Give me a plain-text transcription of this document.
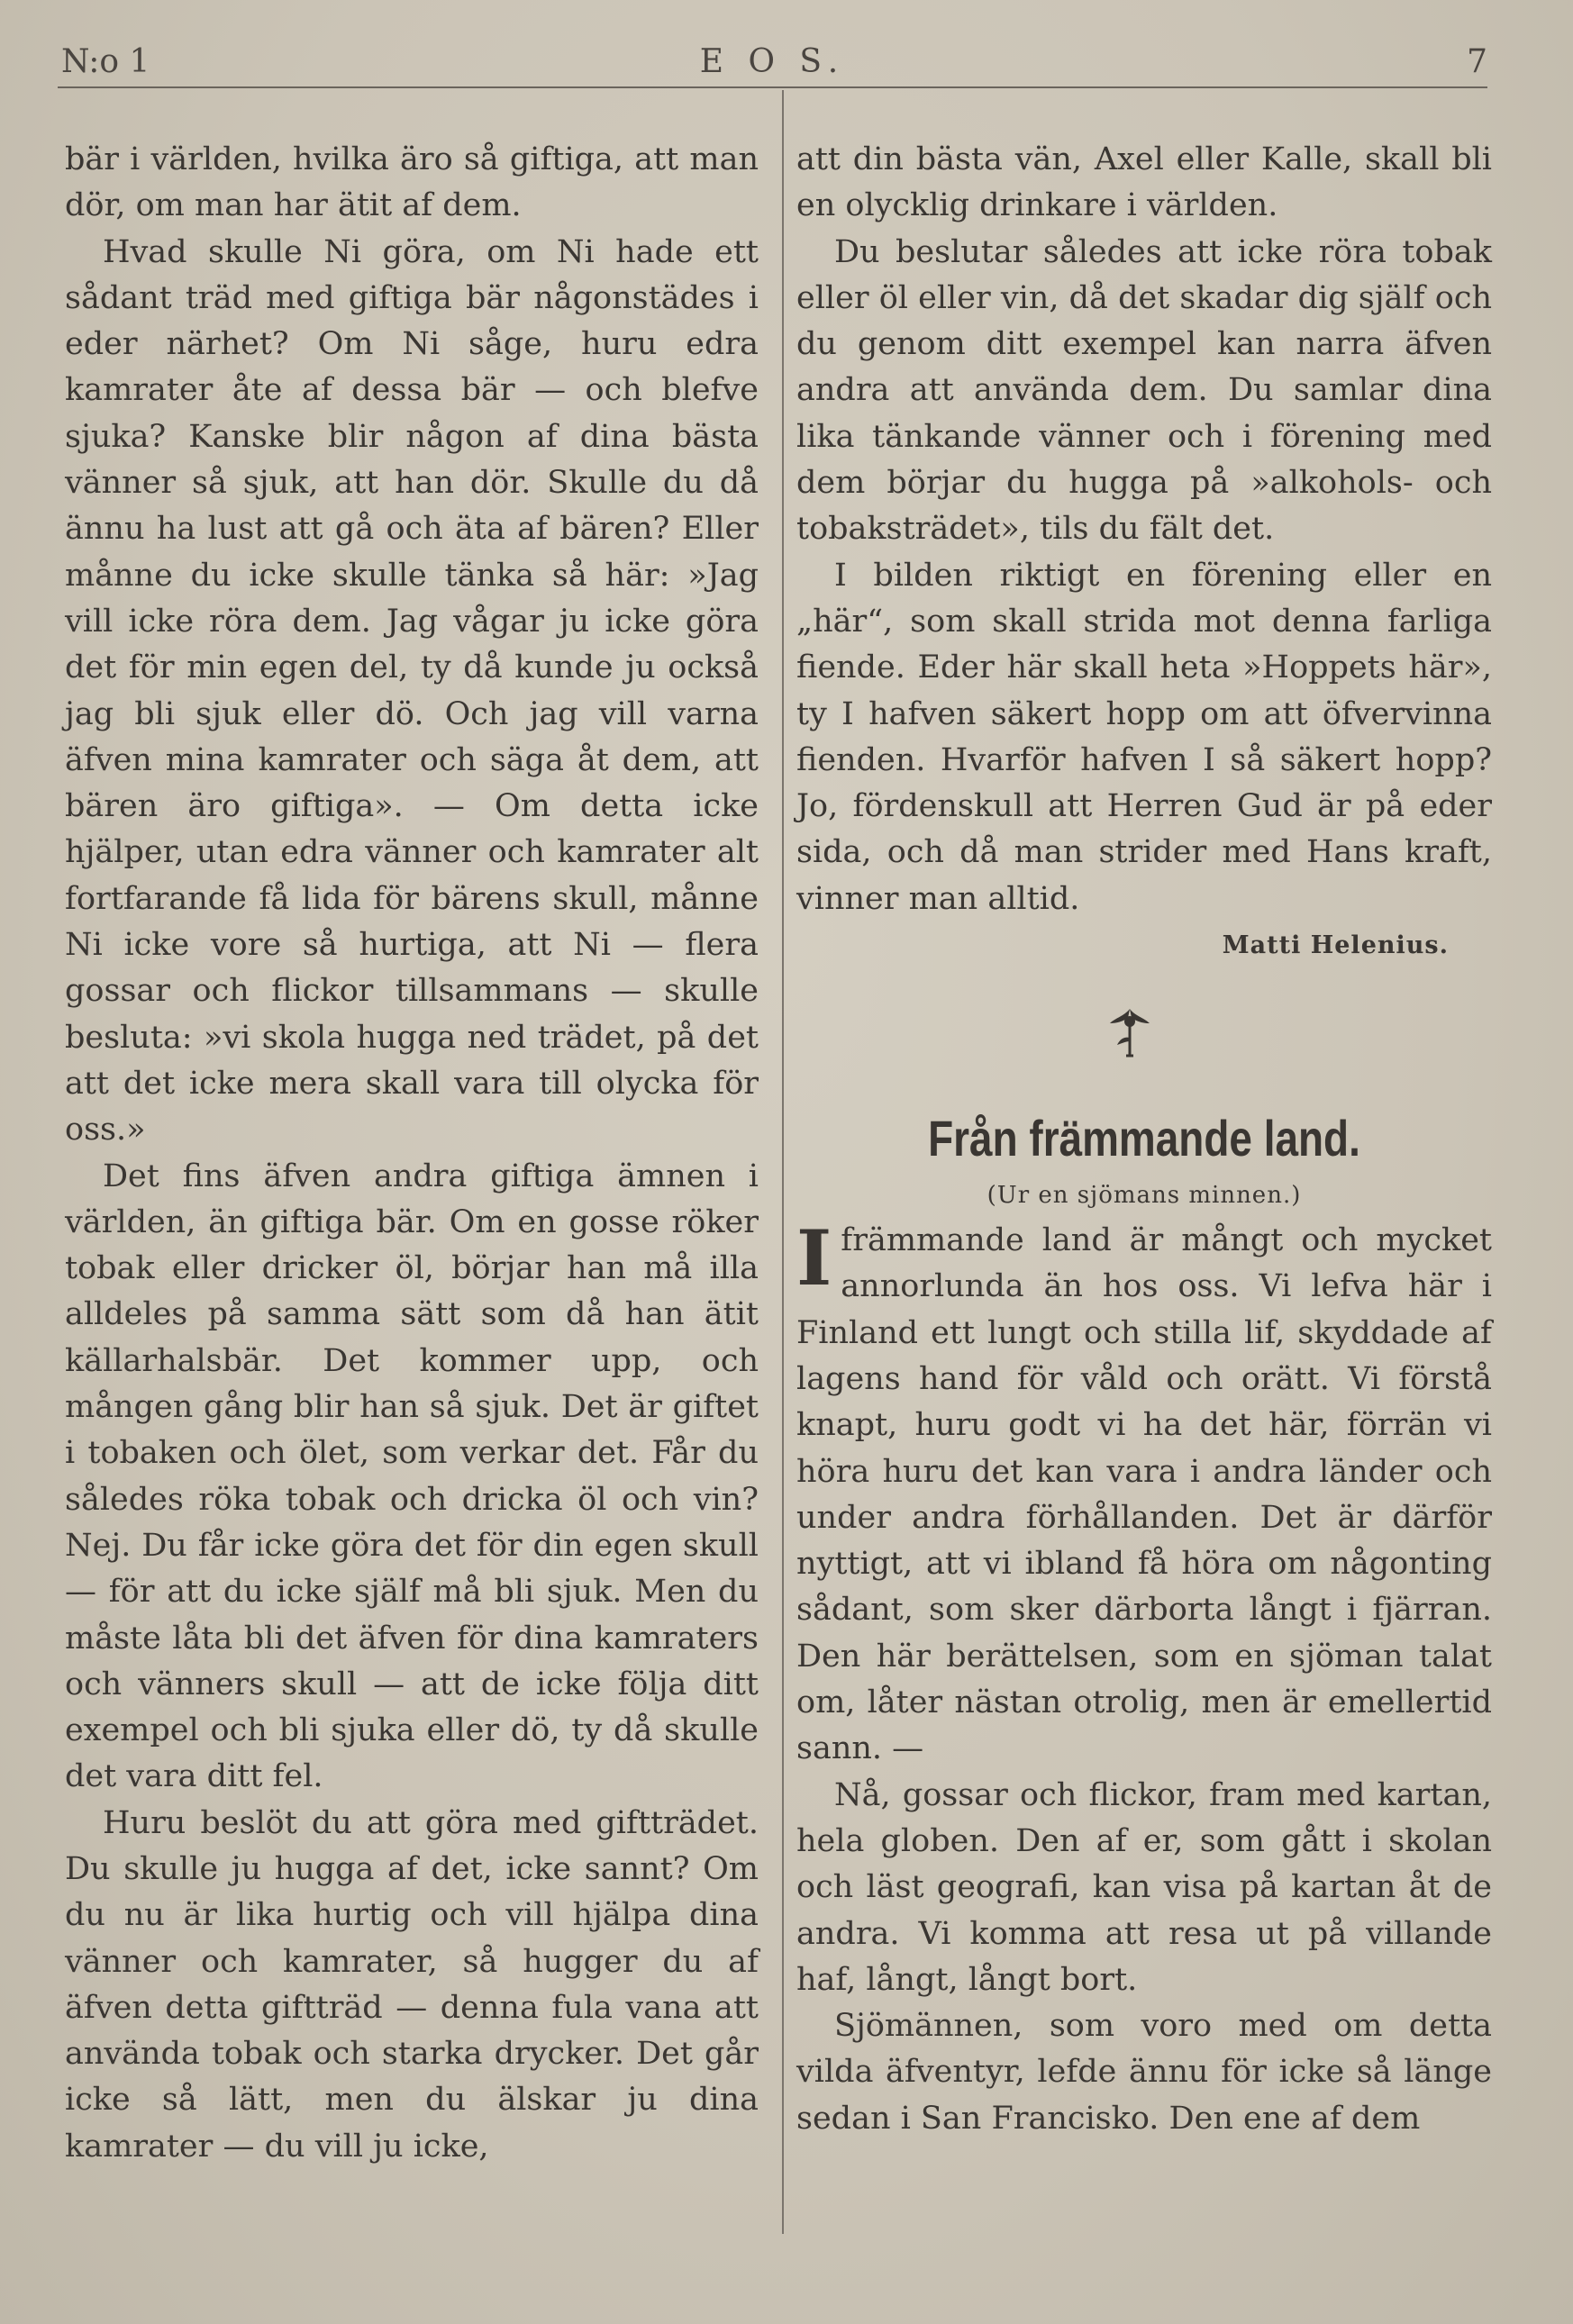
N:o 1	E O S.	7

bär i världen, hvilka äro så giftiga, att man dör, om man har ätit af dem.

Hvad skulle Ni göra, om Ni hade ett sådant träd med giftiga bär någonstädes i eder närhet? Om Ni såge, huru edra kamrater åte af dessa bär — och blefve sjuka? Kanske blir någon af dina bästa vänner så sjuk, att han dör. Skulle du då ännu ha lust att gå och äta af bären? Eller månne du icke skulle tänka så här: »Jag vill icke röra dem. Jag vågar ju icke göra det för min egen del, ty då kunde ju också jag bli sjuk eller dö. Och jag vill varna äfven mina kamrater och säga åt dem, att bären äro giftiga». — Om detta icke hjälper, utan edra vänner och kamrater alt fortfarande få lida för bärens skull, månne Ni icke vore så hurtiga, att Ni — flera gossar och flickor tillsammans — skulle besluta: »vi skola hugga ned trädet, på det att det icke mera skall vara till olycka för oss.»

Det fins äfven andra giftiga ämnen i världen, än giftiga bär. Om en gosse röker tobak eller dricker öl, börjar han må illa alldeles på samma sätt som då han ätit källarhalsbär. Det kommer upp, och mången gång blir han så sjuk. Det är giftet i tobaken och ölet, som verkar det. Får du således röka tobak och dricka öl och vin? Nej. Du får icke göra det för din egen skull — för att du icke själf må bli sjuk. Men du måste låta bli det äfven för dina kamraters och vänners skull — att de icke följa ditt exempel och bli sjuka eller dö, ty då skulle det vara ditt fel.

Huru beslöt du att göra med giftträdet. Du skulle ju hugga af det, icke sannt? Om du nu är lika hurtig och vill hjälpa dina vänner och kamrater, så hugger du af äfven detta giftträd — denna fula vana att använda tobak och starka drycker. Det går icke så lätt, men du älskar ju dina kamrater — du vill ju icke,

att din bästa vän, Axel eller Kalle, skall bli en olycklig drinkare i världen.

Du beslutar således att icke röra tobak eller öl eller vin, då det skadar dig själf och du genom ditt exempel kan narra äfven andra att använda dem. Du samlar dina lika tänkande vänner och i förening med dem börjar du hugga på »alkohols- och tobaksträdet», tils du fält det.

I bilden riktigt en förening eller en „här“, som skall strida mot denna farliga fiende. Eder här skall heta »Hoppets här», ty I hafven säkert hopp om att öfvervinna fienden. Hvarför hafven I så säkert hopp? Jo, fördenskull att Herren Gud är på eder sida, och då man strider med Hans kraft, vinner man alltid.

Matti Helenius.
Från främmande land.
(Ur en sjömans minnen.)

I främmande land är mångt och mycket annorlunda än hos oss. Vi lefva här i Finland ett lungt och stilla lif, skyddade af lagens hand för våld och orätt. Vi förstå knapt, huru godt vi ha det här, förrän vi höra huru det kan vara i andra länder och under andra förhållanden. Det är därför nyttigt, att vi ibland få höra om någonting sådant, som sker därborta långt i fjärran. Den här berättelsen, som en sjöman talat om, låter nästan otrolig, men är emellertid sann. —

Nå, gossar och flickor, fram med kartan, hela globen. Den af er, som gått i skolan och läst geografi, kan visa på kartan åt de andra. Vi komma att resa ut på villande haf, långt, långt bort.

Sjömännen, som voro med om detta vilda äfventyr, lefde ännu för icke så länge sedan i San Francisko. Den ene af dem
